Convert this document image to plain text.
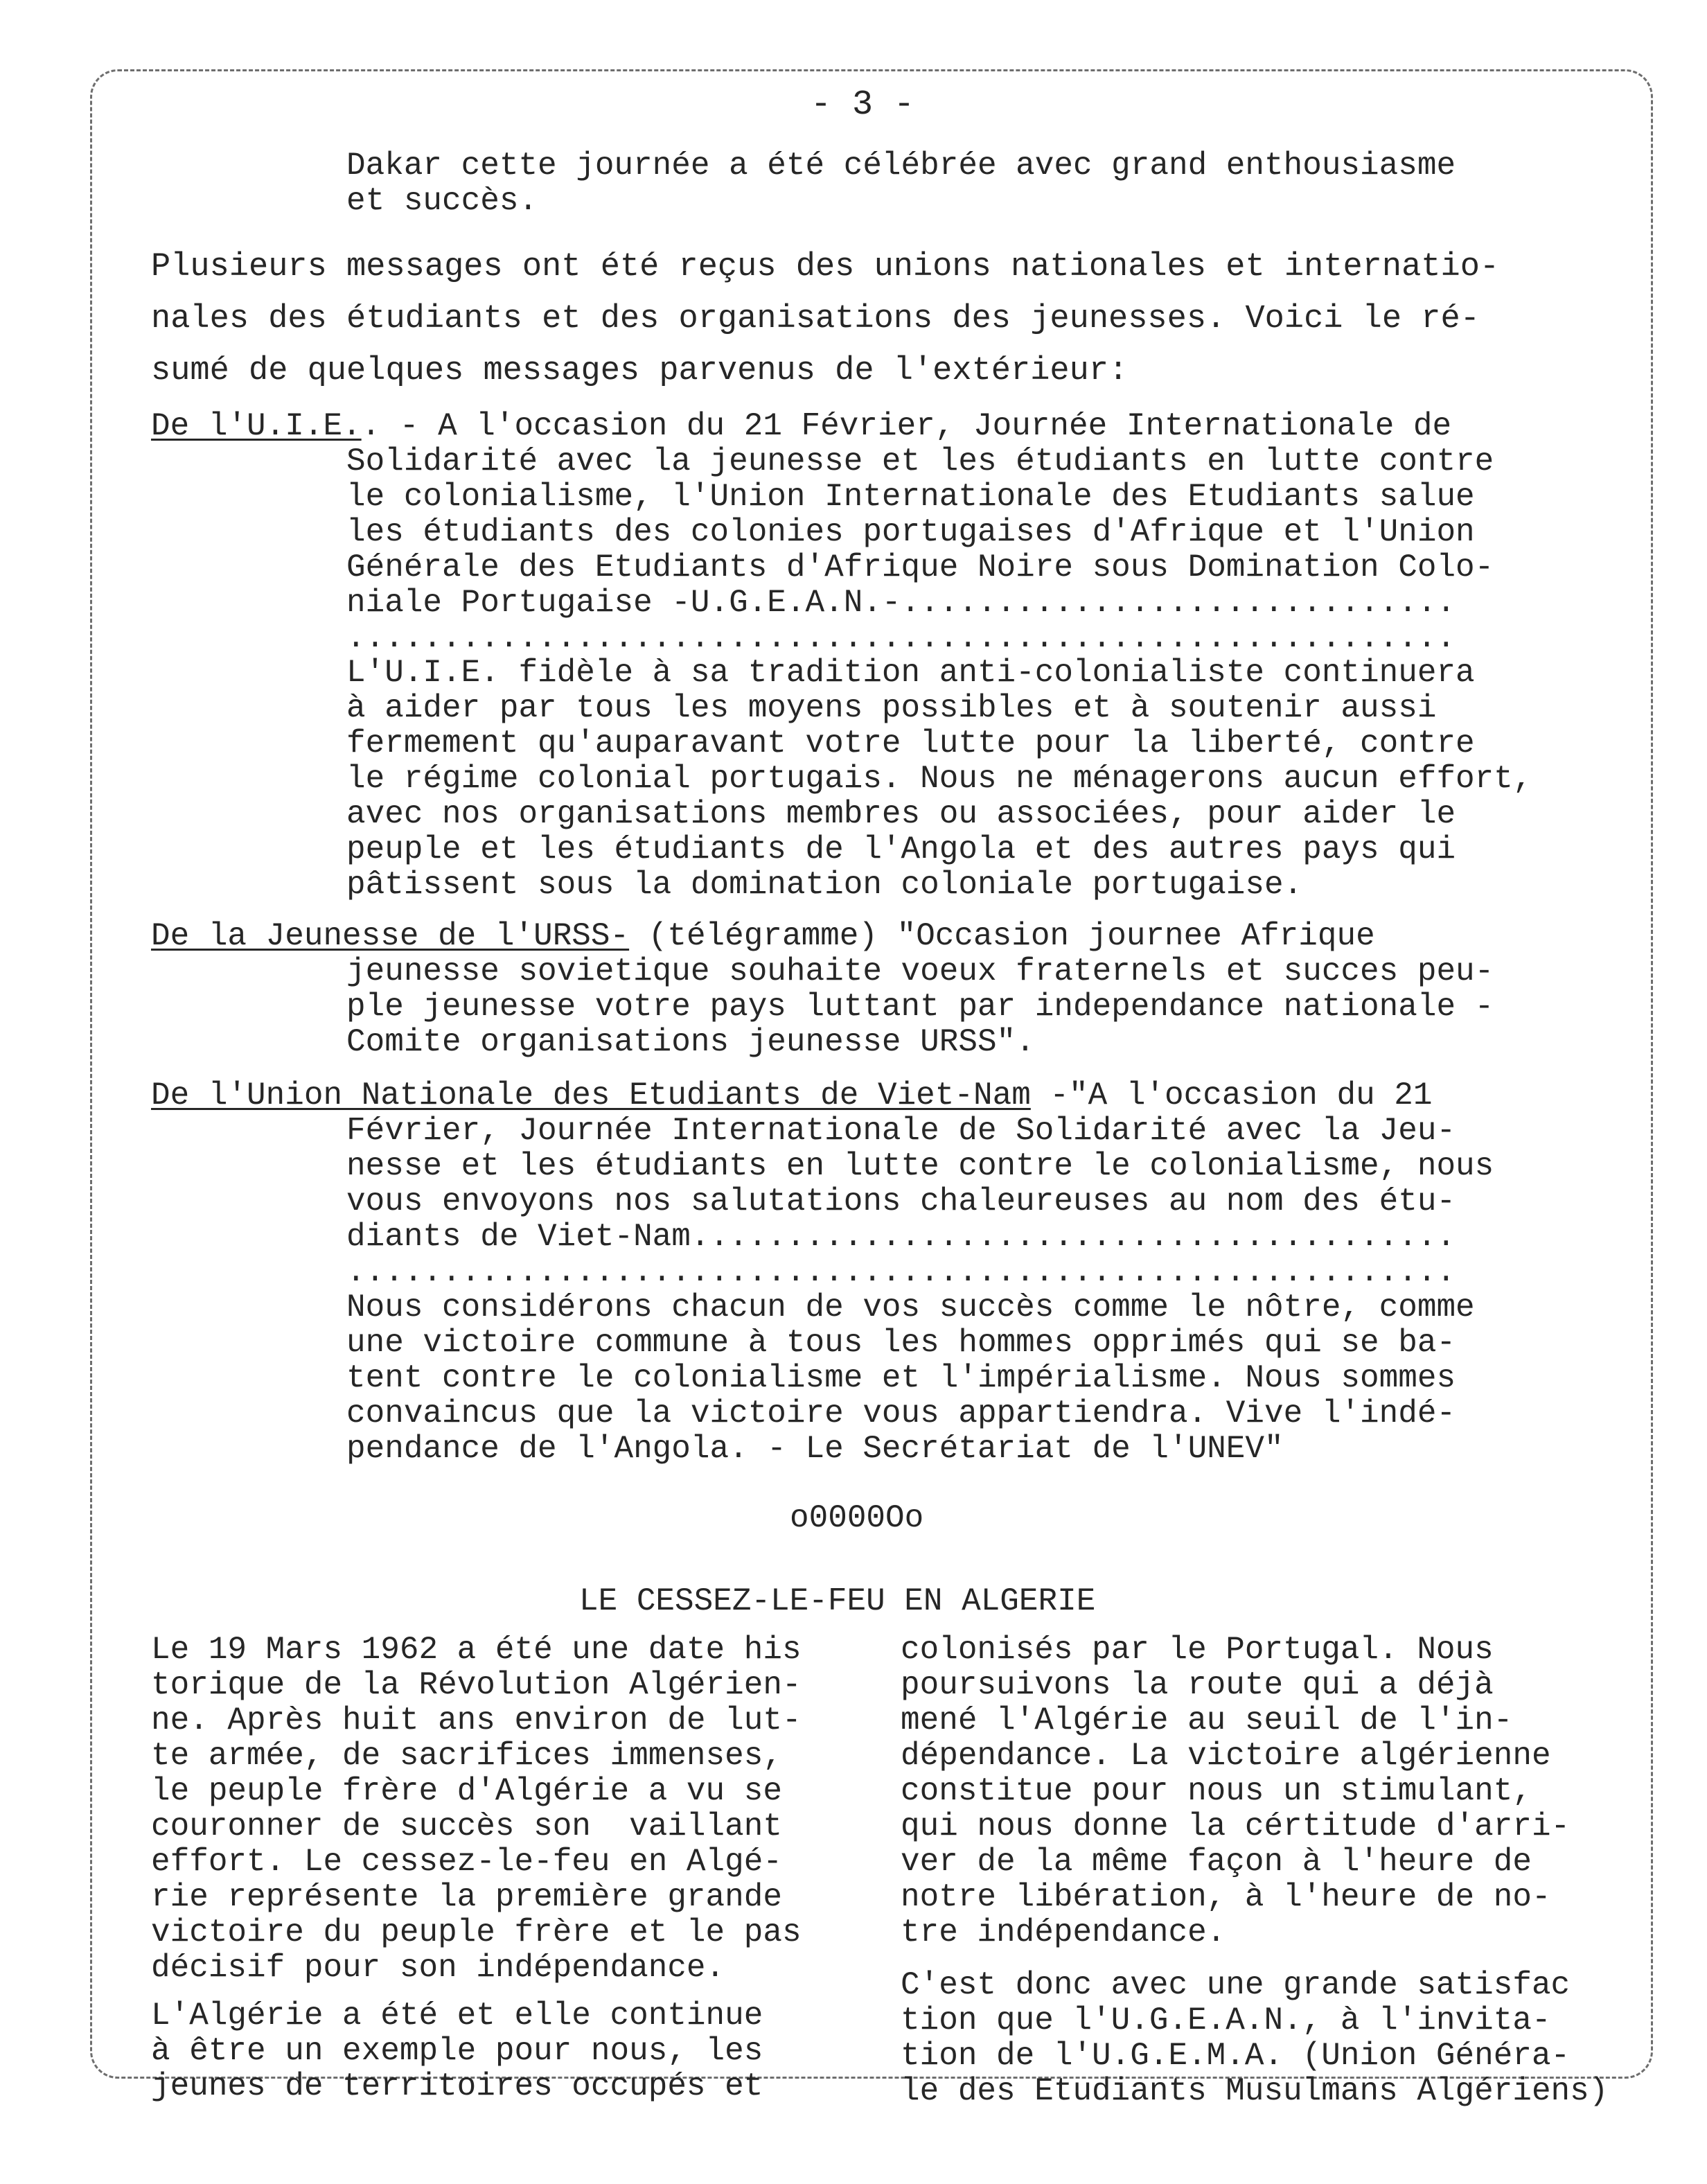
- 3 -
Dakar cette journée a été célébrée avec grand enthousiasme
et succès.
Plusieurs messages ont été reçus des unions nationales et internatio-
nales des étudiants et des organisations des jeunesses. Voici le ré-
sumé de quelques messages parvenus de l'extérieur:
De l'U.I.E.. - A l'occasion du 21 Février, Journée Internationale de
Solidarité avec la jeunesse et les étudiants en lutte contre
le colonialisme, l'Union Internationale des Etudiants salue
les étudiants des colonies portugaises d'Afrique et l'Union
Générale des Etudiants d'Afrique Noire sous Domination Colo-
niale Portugaise -U.G.E.A.N.-.............................
..........................................................
L'U.I.E. fidèle à sa tradition anti-colonialiste continuera
à aider par tous les moyens possibles et à soutenir aussi
fermement qu'auparavant votre lutte pour la liberté, contre
le régime colonial portugais. Nous ne ménagerons aucun effort,
avec nos organisations membres ou associées, pour aider le
peuple et les étudiants de l'Angola et des autres pays qui
pâtissent sous la domination coloniale portugaise.
De la Jeunesse de l'URSS- (télégramme) "Occasion journee Afrique
jeunesse sovietique souhaite voeux fraternels et succes peu-
ple jeunesse votre pays luttant par independance nationale -
Comite organisations jeunesse URSS".
De l'Union Nationale des Etudiants de Viet-Nam -"A l'occasion du 21
Février, Journée Internationale de Solidarité avec la Jeu-
nesse et les étudiants en lutte contre le colonialisme, nous
vous envoyons nos salutations chaleureuses au nom des étu-
diants de Viet-Nam........................................
..........................................................
Nous considérons chacun de vos succès comme le nôtre, comme
une victoire commune à tous les hommes opprimés qui se ba-
tent contre le colonialisme et l'impérialisme. Nous sommes
convaincus que la victoire vous appartiendra. Vive l'indé-
pendance de l'Angola. - Le Secrétariat de l'UNEV"
o0000Oo
LE CESSEZ-LE-FEU EN ALGERIE
Le 19 Mars 1962 a été une date his
torique de la Révolution Algérien-
ne. Après huit ans environ de lut-
te armée, de sacrifices immenses,
le peuple frère d'Algérie a vu se
couronner de succès son  vaillant
effort. Le cessez-le-feu en Algé-
rie représente la première grande
victoire du peuple frère et le pas
décisif pour son indépendance.
L'Algérie a été et elle continue
à être un exemple pour nous, les
jeunes de territoires occupés et
colonisés par le Portugal. Nous
poursuivons la route qui a déjà
mené l'Algérie au seuil de l'in-
dépendance. La victoire algérienne
constitue pour nous un stimulant,
qui nous donne la cértitude d'arri-
ver de la même façon à l'heure de
notre libération, à l'heure de no-
tre indépendance.
C'est donc avec une grande satisfac
tion que l'U.G.E.A.N., à l'invita-
tion de l'U.G.E.M.A. (Union Généra-
le des Etudiants Musulmans Algériens)
